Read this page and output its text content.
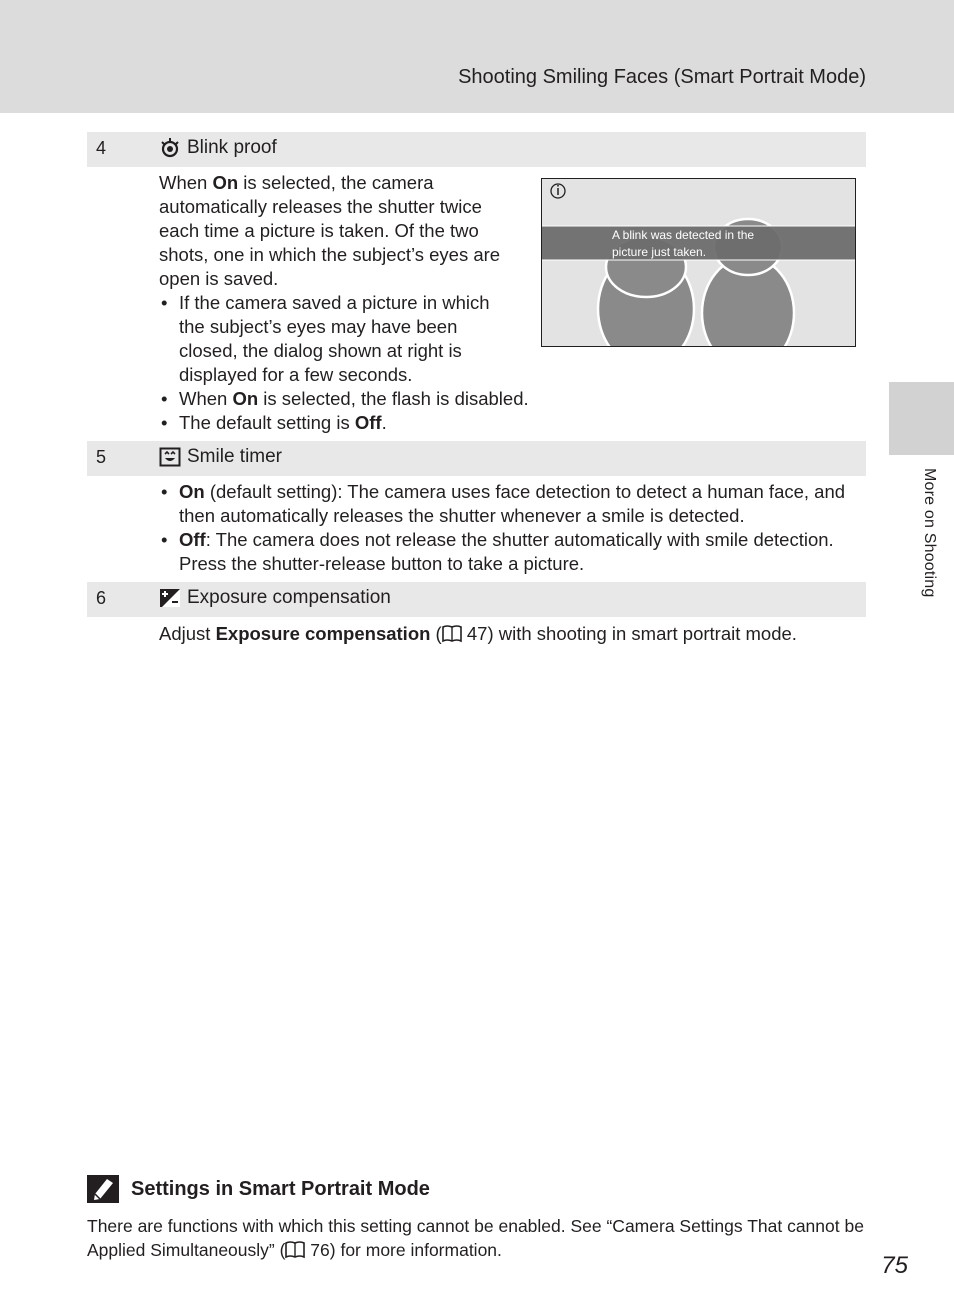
Shooting Smiling Faces (Smart Portrait Mode)
More on Shooting
4	Blink proof
When On is selected, the camera automatically releases the shutter twice each time a picture is taken. Of the two shots, one in which the subject’s eyes are open is saved.
• If the camera saved a picture in which the subject’s eyes may have been closed, the dialog shown at right is displayed for a few seconds.
• When On is selected, the flash is disabled.
• The default setting is Off.
A blink was detected in the picture just taken.
5	Smile timer
• On (default setting): The camera uses face detection to detect a human face, and then automatically releases the shutter whenever a smile is detected.
• Off: The camera does not release the shutter automatically with smile detection. Press the shutter-release button to take a picture.
6	Exposure compensation
Adjust Exposure compensation ( 47) with shooting in smart portrait mode.
Settings in Smart Portrait Mode
There are functions with which this setting cannot be enabled. See “Camera Settings That cannot be Applied Simultaneously” ( 76) for more information.
75
